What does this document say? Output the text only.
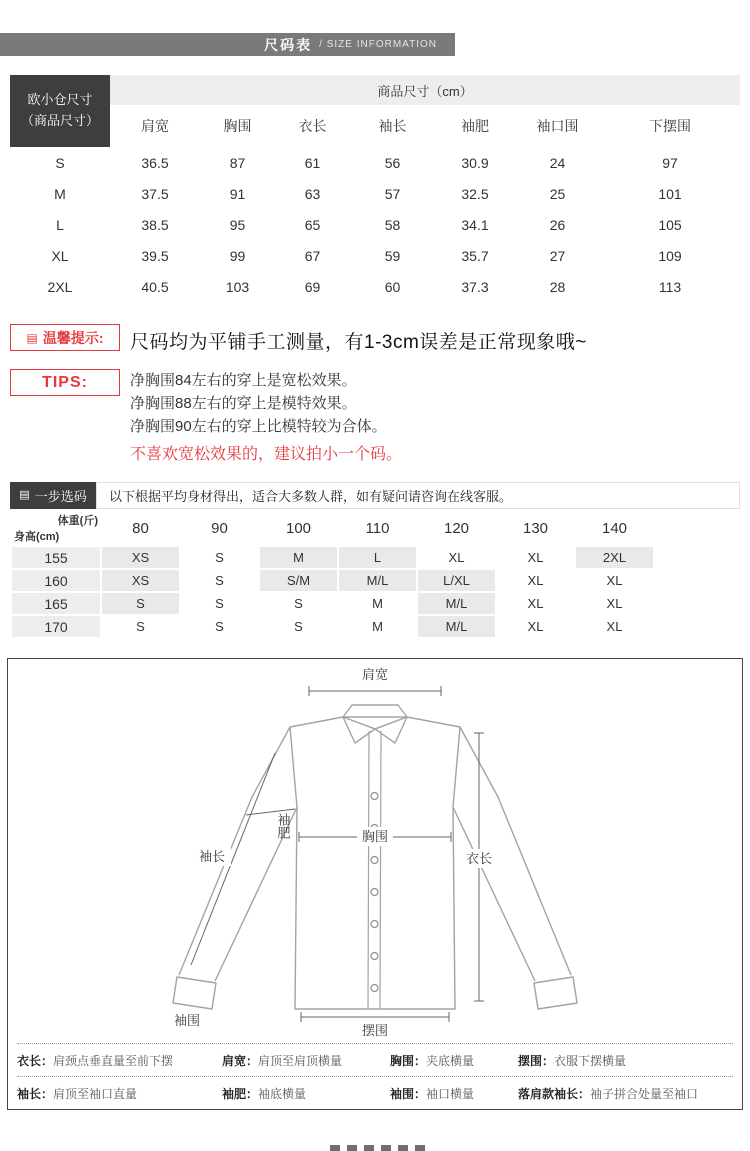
尺码表 / SIZE INFORMATION
欧小仓尺寸
（商品尺寸）	商品尺寸（cm）						
	肩宽	胸围	衣长	袖长	袖肥	袖口围	下摆围
S	36.5	87	61	56	30.9	24	97
M	37.5	91	63	57	32.5	25	101
L	38.5	95	65	58	34.1	26	105
XL	39.5	99	67	59	35.7	27	109
2XL	40.5	103	69	60	37.3	28	113
▤ 温馨提示: 尺码均为平铺手工测量，有1-3cm误差是正常现象哦~
TIPS:	净胸围84左右的穿上是宽松效果。
净胸围88左右的穿上是模特效果。
净胸围90左右的穿上比模特较为合体。
不喜欢宽松效果的，建议拍小一个码。
▤ 一步选码	以下根据平均身材得出，适合大多数人群，如有疑问请咨询在线客服。
体重(斤)
身高(cm)	80	90	100	110	120	130	140
155	XS	S	M	L	XL	XL	2XL
160	XS	S	S/M	M/L	L/XL	XL	XL
165	S	S	S	M	M/L	XL	XL
170	S	S	S	M	M/L	XL	XL
肩宽
胸围
衣长
袖长
袖肥
袖围
摆围
衣长：肩颈点垂直量至前下摆	肩宽：肩顶至肩顶横量	胸围：夹底横量	摆围：衣服下摆横量
袖长：肩顶至袖口直量	袖肥：袖底横量	袖围：袖口横量	落肩款袖长：袖子拼合处量至袖口
